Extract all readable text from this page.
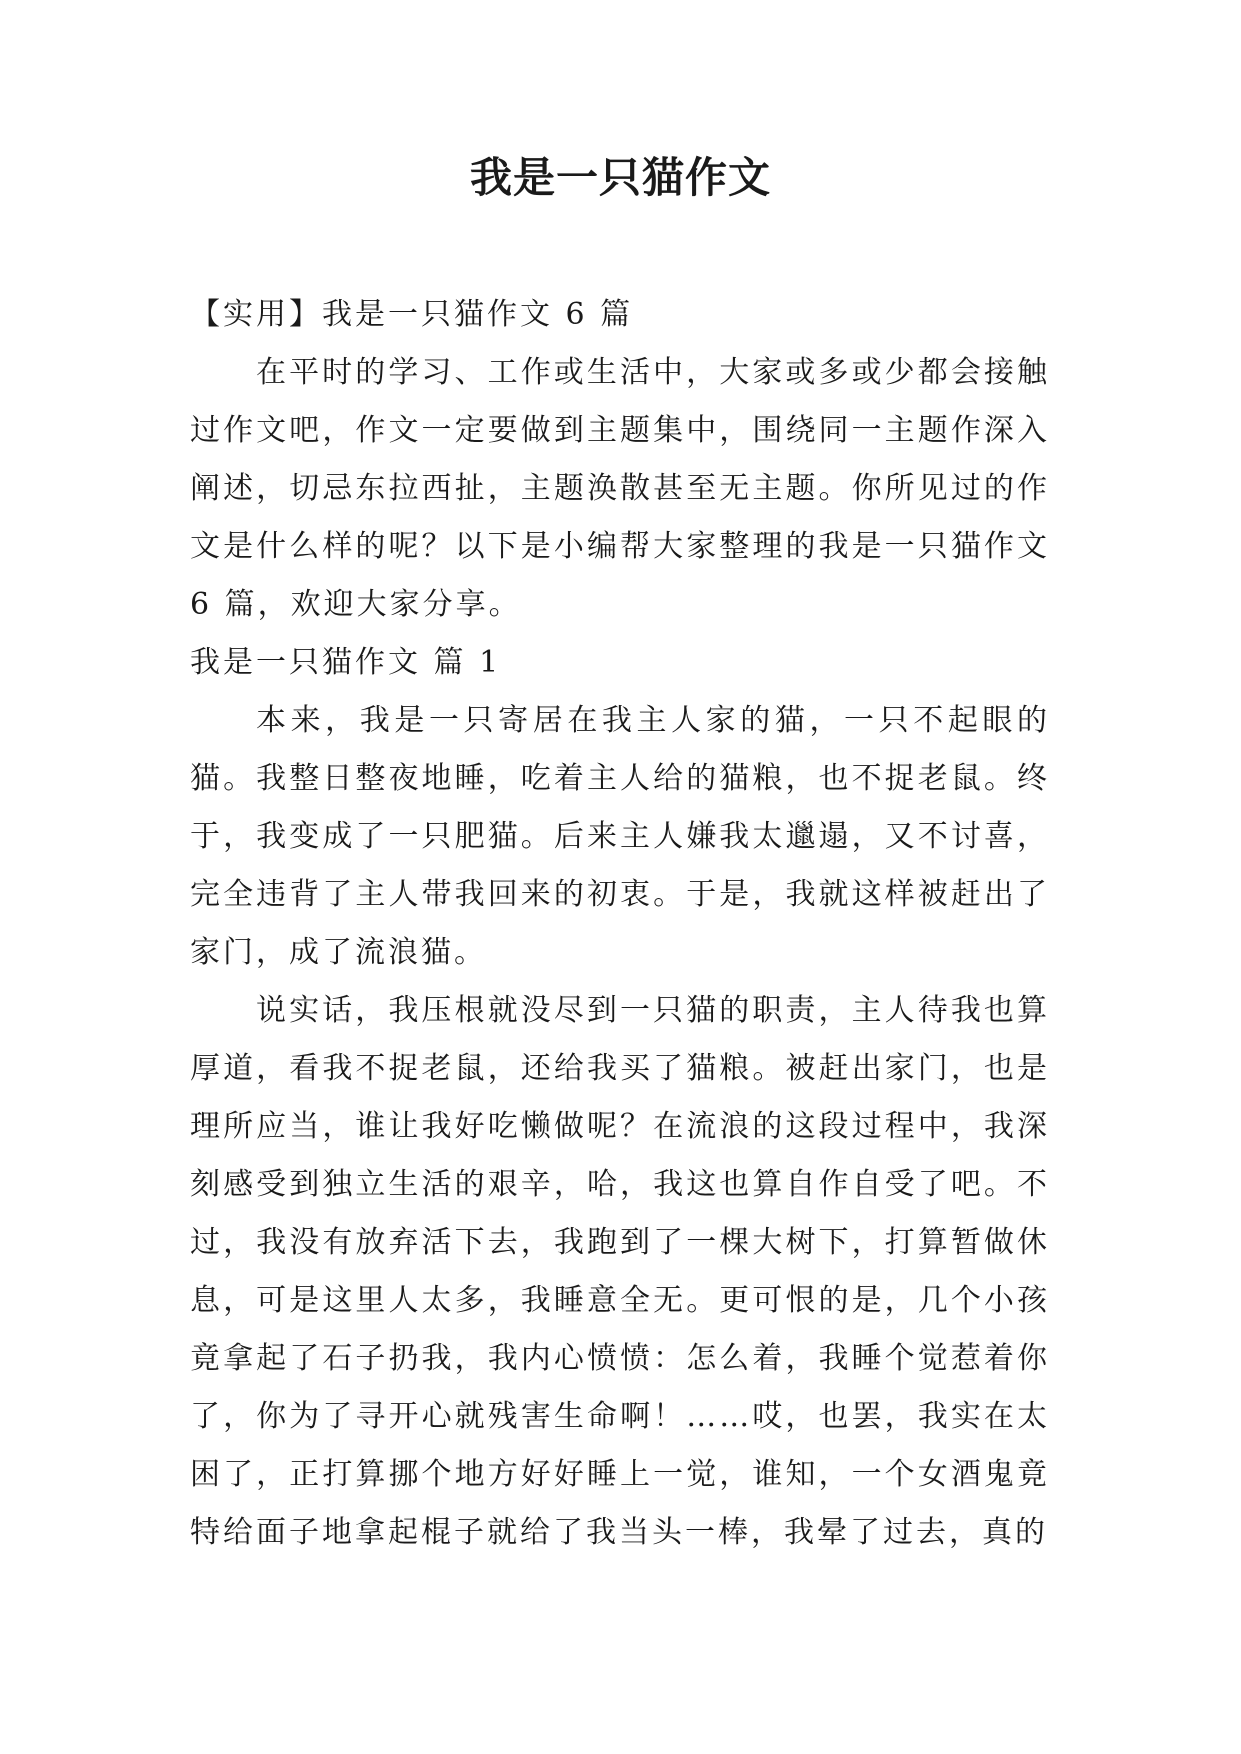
我是一只猫作文

【实用】我是一只猫作文 6 篇

在平时的学习、工作或生活中，大家或多或少都会接触过作文吧，作文一定要做到主题集中，围绕同一主题作深入阐述，切忌东拉西扯，主题涣散甚至无主题。你所见过的作文是什么样的呢？以下是小编帮大家整理的我是一只猫作文 6 篇，欢迎大家分享。

我是一只猫作文 篇 1

本来，我是一只寄居在我主人家的猫，一只不起眼的猫。我整日整夜地睡，吃着主人给的猫粮，也不捉老鼠。终于，我变成了一只肥猫。后来主人嫌我太邋遢，又不讨喜，完全违背了主人带我回来的初衷。于是，我就这样被赶出了家门，成了流浪猫。

说实话，我压根就没尽到一只猫的职责，主人待我也算厚道，看我不捉老鼠，还给我买了猫粮。被赶出家门，也是理所应当，谁让我好吃懒做呢？在流浪的这段过程中，我深刻感受到独立生活的艰辛，哈，我这也算自作自受了吧。不过，我没有放弃活下去，我跑到了一棵大树下，打算暂做休息，可是这里人太多，我睡意全无。更可恨的是，几个小孩竟拿起了石子扔我，我内心愤愤：怎么着，我睡个觉惹着你了，你为了寻开心就残害生命啊！……哎，也罢，我实在太困了，正打算挪个地方好好睡上一觉，谁知，一个女酒鬼竟特给面子地拿起棍子就给了我当头一棒，我晕了过去，真的
